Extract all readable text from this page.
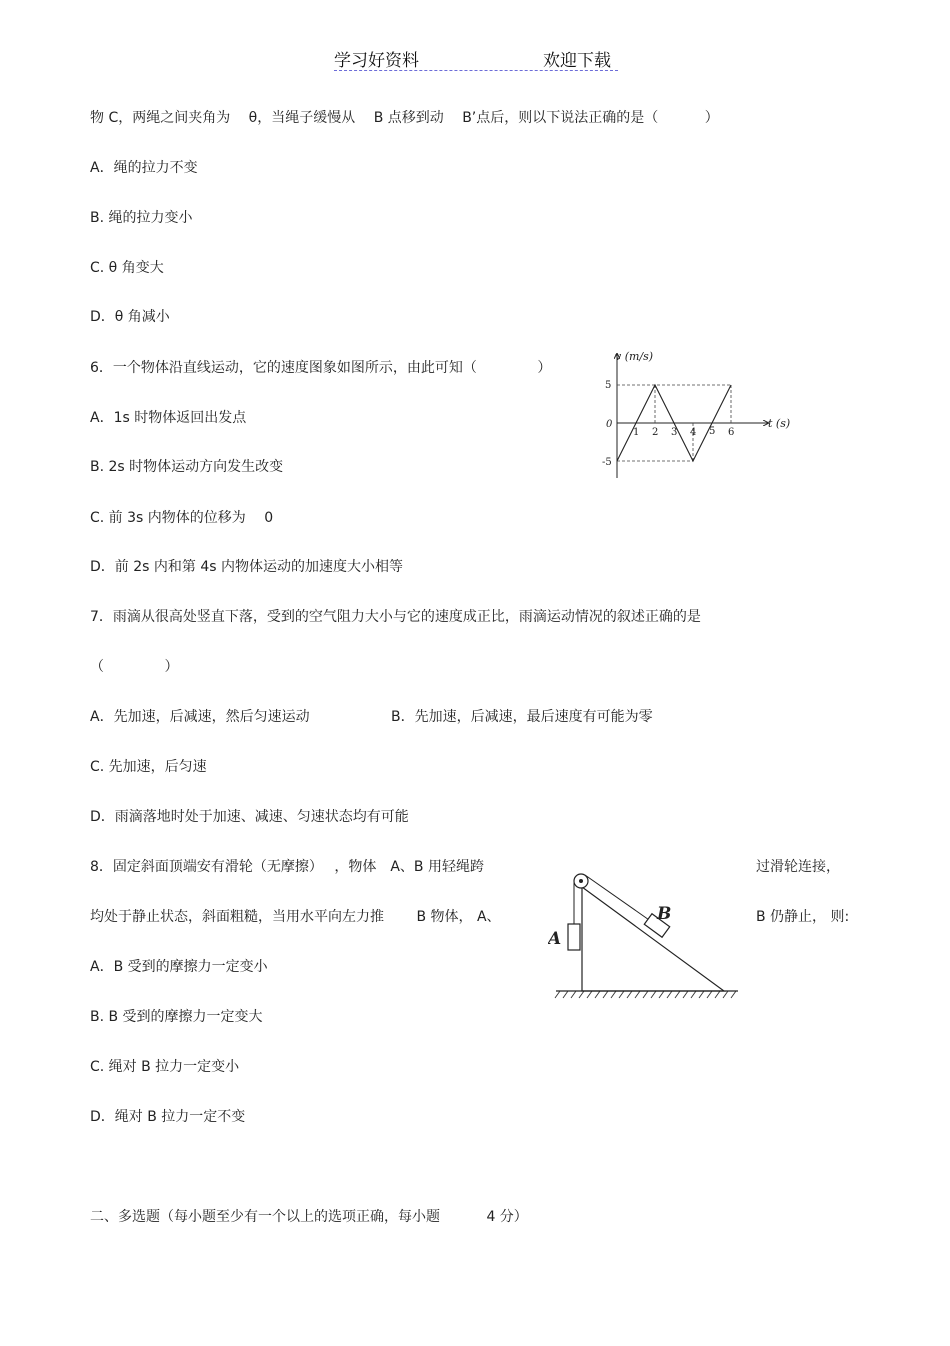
学习好资料	欢迎下载
物 C，两绳之间夹角为　 θ，当绳子缓慢从　 B 点移到动　 B’点后，则以下说法正确的是（　　　 ）
A．绳的拉力不变
B. 绳的拉力变小
C. θ 角变大
D．θ 角减小
6．一个物体沿直线运动，它的速度图象如图所示，由此可知（　　　　 ）
A．1s 时物体返回出发点
B. 2s 时物体运动方向发生改变
C. 前 3s 内物体的位移为　 0
D．前 2s 内和第 4s 内物体运动的加速度大小相等
7．雨滴从很高处竖直下落，受到的空气阻力大小与它的速度成正比，雨滴运动情况的叙述正确的是
（　　　　 ）
A．先加速，后减速，然后匀速运动	B．先加速，后减速，最后速度有可能为零
C. 先加速，后匀速
D．雨滴落地时处于加速、减速、匀速状态均有可能
8．固定斜面顶端安有滑轮（无摩擦）　 ，物体　A、B 用轻绳跨	过滑轮连接，
均处于静止状态，斜面粗糙，当用水平向左力推　　 B 物体， A、	B 仍静止， 则:
A．B 受到的摩擦力一定变小
B. B 受到的摩擦力一定变大
C. 绳对 B 拉力一定变小
D．绳对 B 拉力一定不变
二、多选题（每小题至少有一个以上的选项正确，每小题　　　 4 分）
1 2 3 4 5 6
5
-5
0
v (m/s)
t (s)
A
B
